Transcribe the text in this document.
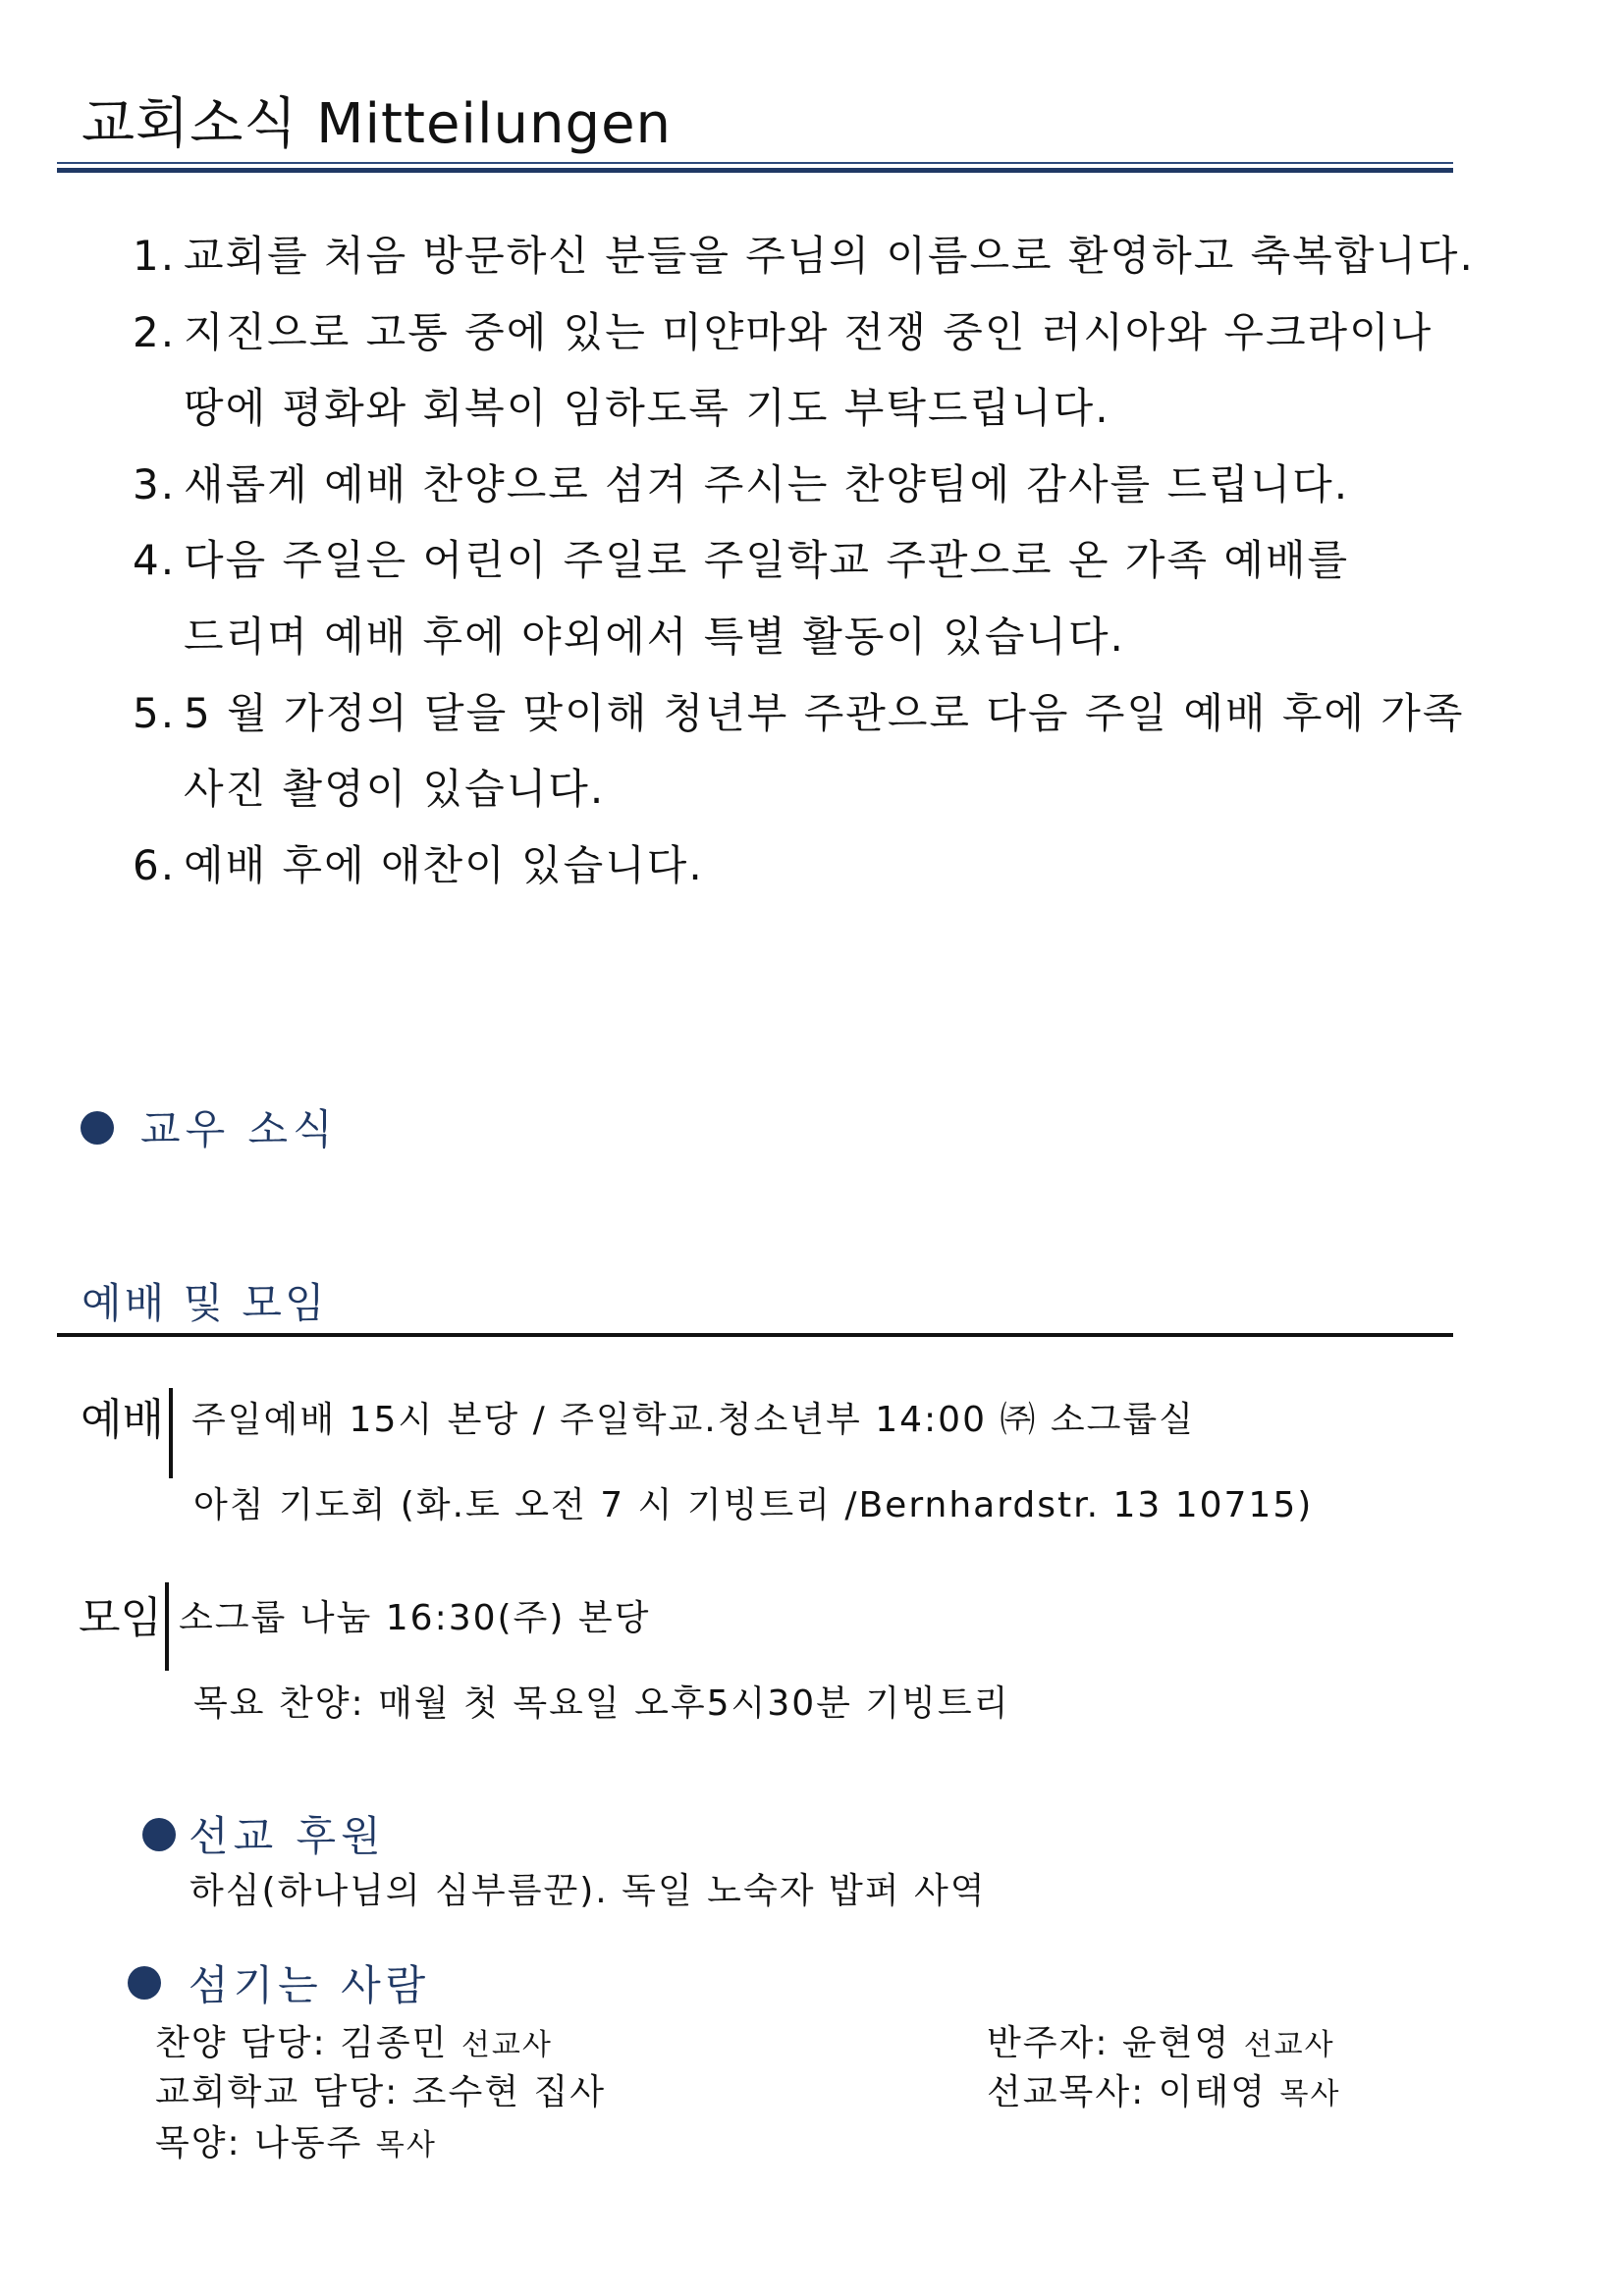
교회소식 Mitteilungen
1. 교회를 처음 방문하신 분들을 주님의 이름으로 환영하고 축복합니다.
2. 지진으로 고통 중에 있는 미얀마와 전쟁 중인 러시아와 우크라이나
땅에 평화와 회복이 임하도록 기도 부탁드립니다.
3. 새롭게 예배 찬양으로 섬겨 주시는 찬양팀에 감사를 드립니다.
4. 다음 주일은 어린이 주일로 주일학교 주관으로 온 가족 예배를
드리며 예배 후에 야외에서 특별 활동이 있습니다.
5. 5 월 가정의 달을 맞이해 청년부 주관으로 다음 주일 예배 후에 가족
사진 촬영이 있습니다.
6. 예배 후에 애찬이 있습니다.
교우 소식
예배 및 모임
예배 주일예배 15시 본당 / 주일학교.청소년부 14:00 ㈜ 소그룹실
아침 기도회 (화.토 오전 7 시 기빙트리 /Bernhardstr. 13 10715)
모임 소그룹 나눔 16:30(주) 본당
목요 찬양: 매월 첫 목요일 오후5시30분 기빙트리
선교 후원
하심(하나님의 심부름꾼). 독일 노숙자 밥퍼 사역
섬기는 사람
찬양 담당: 김종민 선교사
교회학교 담당: 조수현 집사
목양: 나동주 목사
반주자: 윤현영 선교사
선교목사: 이태영 목사
